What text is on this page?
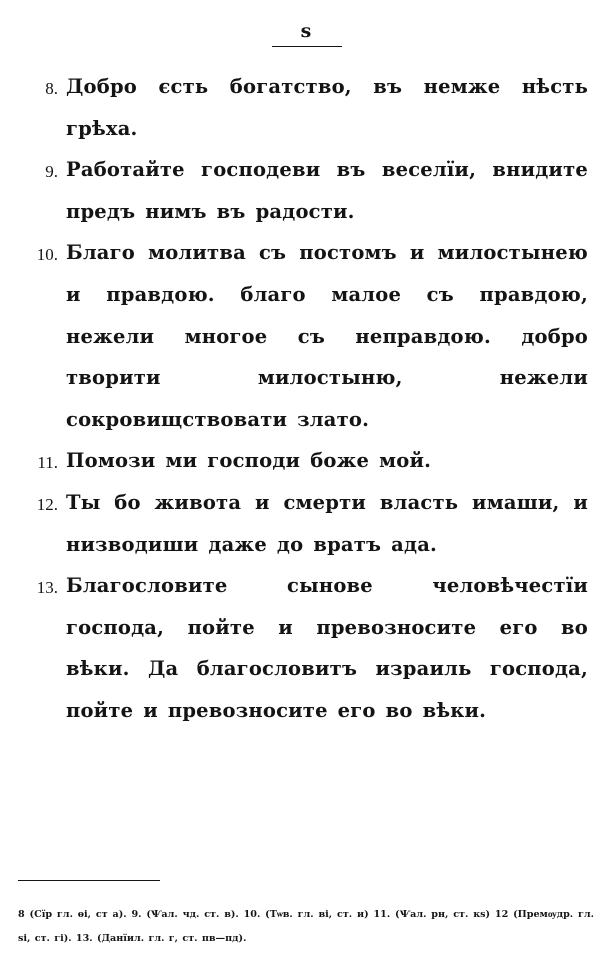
ѕ
8. Добро єсть богатство, въ немже нѣсть грѣха.
9. Работайте господеви въ веселїи, внидите предъ нимъ въ радости.
10. Благо молитва съ постомъ и милостынею и правдою. благо малое съ правдою, нежели многое съ неправдою. добро творити милостыню, нежели сокровищствовати злато.
11. Помози ми господи боже мой.
12. Ты бо живота и смерти власть имаши, и низводиши даже до вратъ ада.
13. Благословите сынове человѣчестїи господа, пойте и превозносите его во вѣки. Да благословитъ израиль господа, пойте и превозносите его во вѣки.
8 (Сїр гл. ѳі, ст а). 9. (Ѱал. чд. ст. в). 10. (Тѡв. гл. ві, ст. и) 11. (Ѱал. рн, ст. кѕ) 12 (Премѹдр. гл. ѕі, ст. гі). 13. (Данїил. гл. г, ст. пв—пд).
